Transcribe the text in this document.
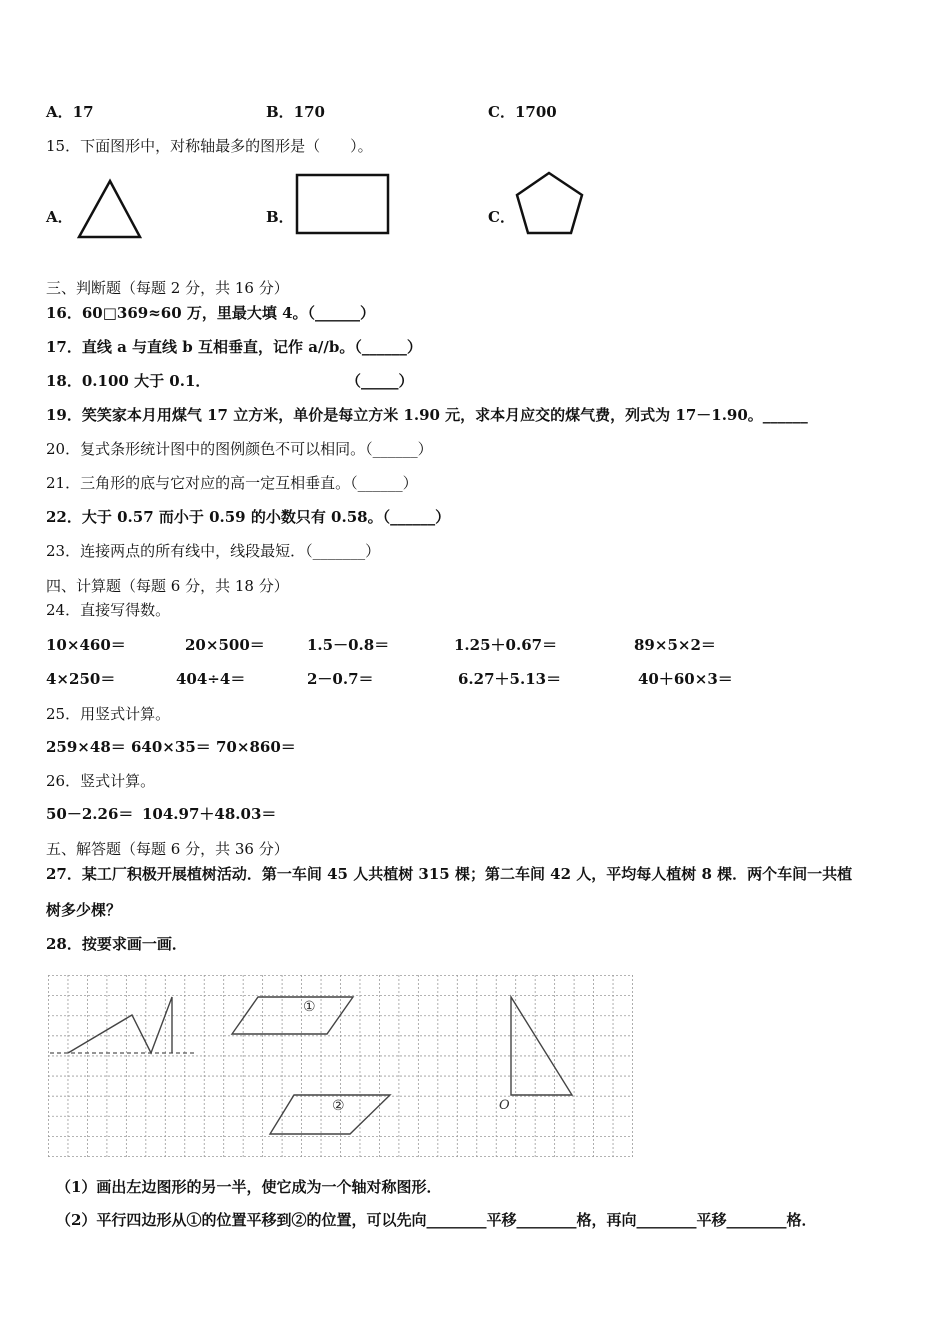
A．17	B．170	C．1700
15．下面图形中，对称轴最多的图形是（　　）。
A．	B．	C．
三、判断题（每题 2 分，共 16 分）
16．60□369≈60 万，里最大填 4。（______）
17．直线 a 与直线 b 互相垂直，记作 a//b。（______）
18．0.100 大于 0.1．	（_____）
19．笑笑家本月用煤气 17 立方米，单价是每立方米 1.90 元，求本月应交的煤气费，列式为 17－1.90。______
20．复式条形统计图中的图例颜色不可以相同。（______）
21．三角形的底与它对应的高一定互相垂直。（______）
22．大于 0.57 而小于 0.59 的小数只有 0.58。（______）
23．连接两点的所有线中，线段最短．（_______）
四、计算题（每题 6 分，共 18 分）
24．直接写得数。
10×460＝	20×500＝	1.5－0.8＝	1.25＋0.67＝	89×5×2＝
4×250＝	404÷4＝	2－0.7＝	6.27＋5.13＝	40＋60×3＝
25．用竖式计算。
259×48＝ 640×35＝ 70×860＝
26．竖式计算。
50－2.26＝ 104.97＋48.03＝
五、解答题（每题 6 分，共 36 分）
27．某工厂积极开展植树活动．第一车间 45 人共植树 315 棵；第二车间 42 人，平均每人植树 8 棵．两个车间一共植
树多少棵？
28．按要求画一画．
①
②	O
（1）画出左边图形的另一半，使它成为一个轴对称图形．
（2）平行四边形从①的位置平移到②的位置，可以先向________平移________格，再向________平移________格．
